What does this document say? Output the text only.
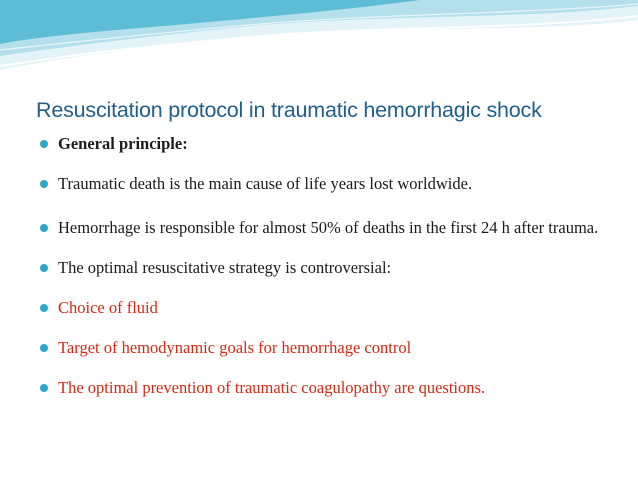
Resuscitation protocol in traumatic hemorrhagic shock
General principle:
Traumatic death is the main cause of life years lost worldwide.
Hemorrhage is responsible for almost 50% of deaths in the first 24 h after trauma.
The optimal resuscitative strategy is controversial:
Choice of fluid
Target of hemodynamic goals for hemorrhage control
The optimal prevention of traumatic coagulopathy are questions.
